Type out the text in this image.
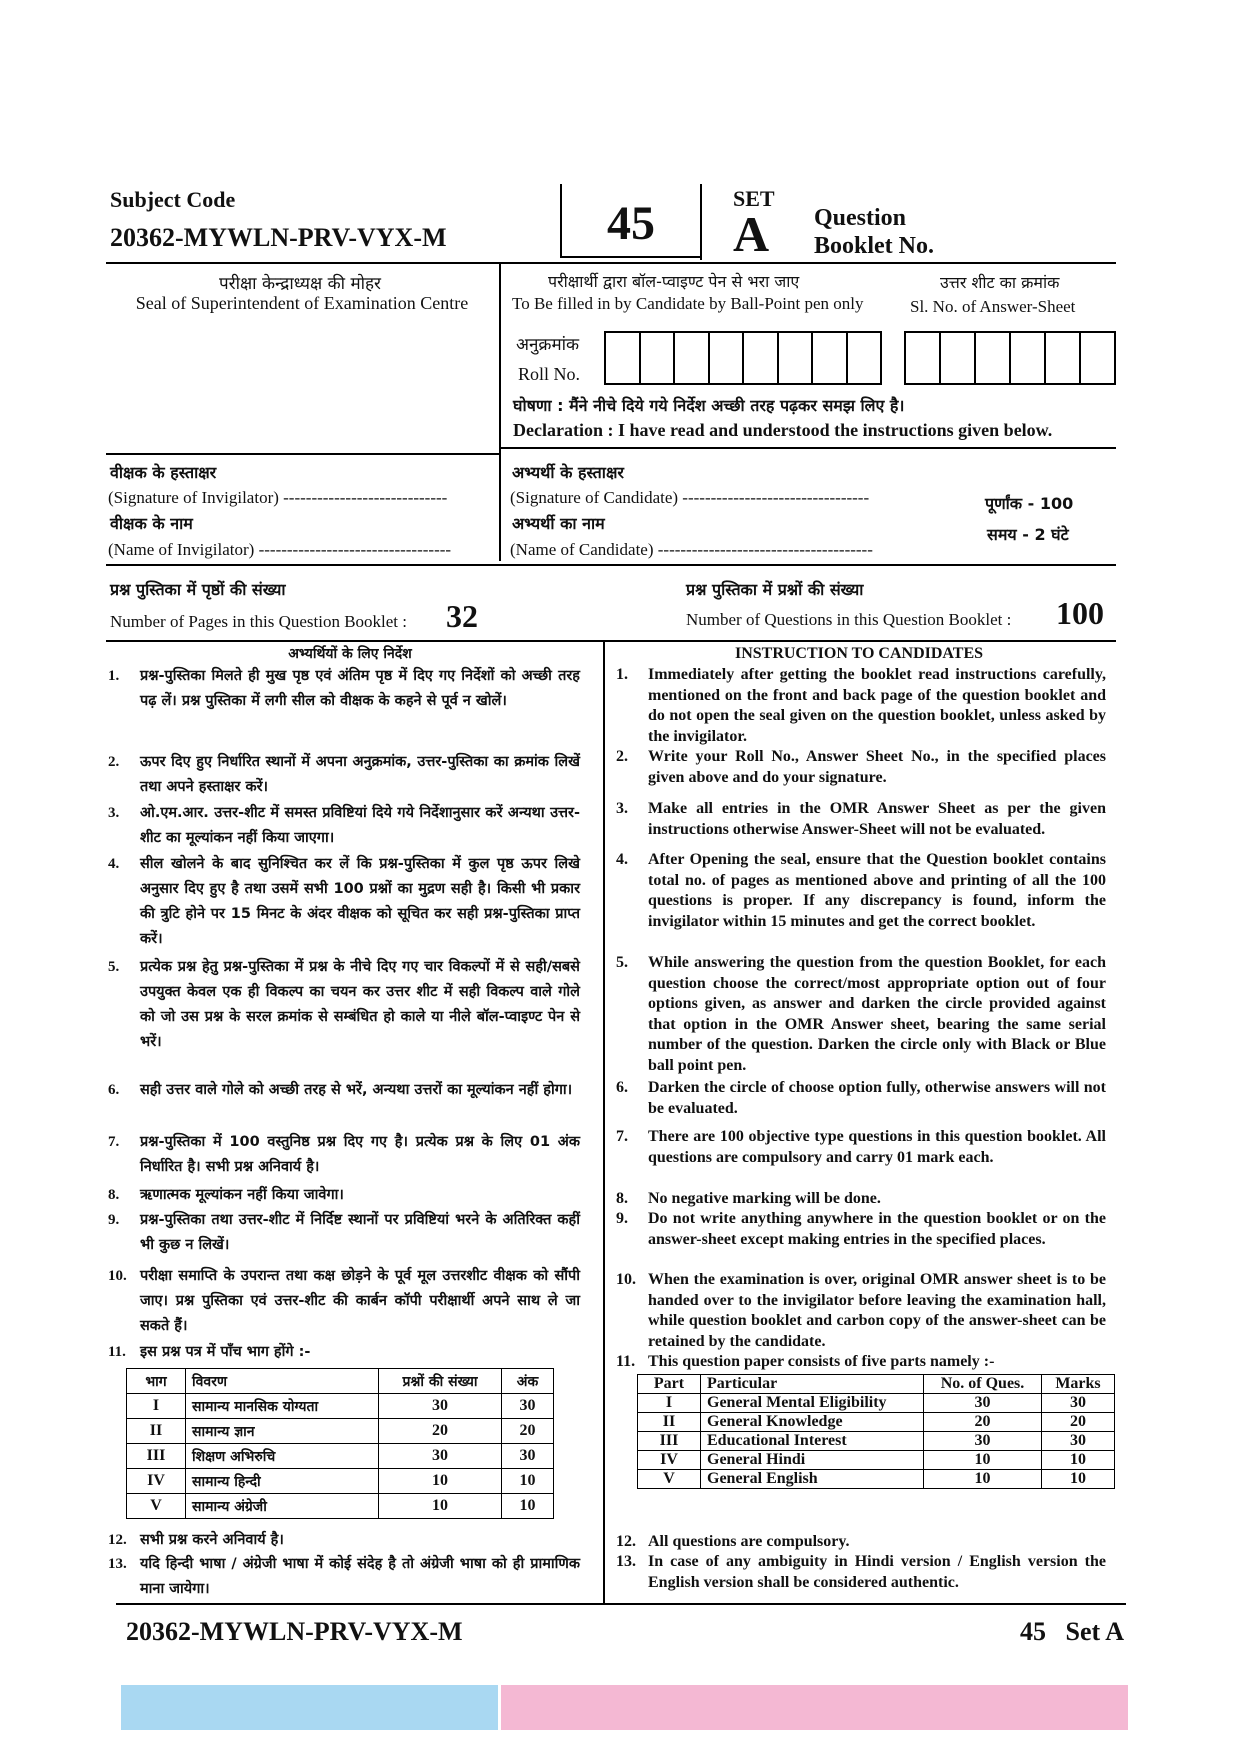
Subject Code
20362-MYWLN-PRV-VYX-M	45	SET
A Question
Booklet No.
परीक्षा केन्द्राध्यक्ष की मोहर
Seal of Superintendent of Examination Centre
परीक्षार्थी द्वारा बॉल-प्वाइण्ट पेन से भरा जाए
To Be filled in by Candidate by Ball-Point pen only
उत्तर शीट का क्रमांक
Sl. No. of Answer-Sheet
अनुक्रमांक
Roll No.
घोषणा : मैंने नीचे दिये गये निर्देश अच्छी तरह पढ़कर समझ लिए है।
Declaration : I have read and understood the instructions given below.
वीक्षक के हस्ताक्षर
(Signature of Invigilator) -----------------------------
वीक्षक के नाम
(Name of Invigilator) ----------------------------------
अभ्यर्थी के हस्ताक्षर
(Signature of Candidate) ---------------------------------
अभ्यर्थी का नाम
(Name of Candidate) --------------------------------------
पूर्णांक - 100
समय - 2 घंटे
प्रश्न पुस्तिका में पृष्ठों की संख्या
Number of Pages in this Question Booklet : 32
प्रश्न पुस्तिका में प्रश्नों की संख्या
Number of Questions in this Question Booklet : 100
अभ्यर्थियों के लिए निर्देश
1. प्रश्न-पुस्तिका मिलते ही मुख पृष्ठ एवं अंतिम पृष्ठ में दिए गए निर्देशों को अच्छी तरह पढ़ लें। प्रश्न पुस्तिका में लगी सील को वीक्षक के कहने से पूर्व न खोलें।
2. ऊपर दिए हुए निर्धारित स्थानों में अपना अनुक्रमांक, उत्तर-पुस्तिका का क्रमांक लिखें तथा अपने हस्ताक्षर करें।
3. ओ.एम.आर. उत्तर-शीट में समस्त प्रविष्टियां दिये गये निर्देशानुसार करें अन्यथा उत्तर-शीट का मूल्यांकन नहीं किया जाएगा।
4. सील खोलने के बाद सुनिश्चित कर लें कि प्रश्न-पुस्तिका में कुल पृष्ठ ऊपर लिखे अनुसार दिए हुए है तथा उसमें सभी 100 प्रश्नों का मुद्रण सही है। किसी भी प्रकार की त्रुटि होने पर 15 मिनट के अंदर वीक्षक को सूचित कर सही प्रश्न-पुस्तिका प्राप्त करें।
5. प्रत्येक प्रश्न हेतु प्रश्न-पुस्तिका में प्रश्न के नीचे दिए गए चार विकल्पों में से सही/सबसे उपयुक्त केवल एक ही विकल्प का चयन कर उत्तर शीट में सही विकल्प वाले गोले को जो उस प्रश्न के सरल क्रमांक से सम्बंधित हो काले या नीले बॉल-प्वाइण्ट पेन से भरें।
6. सही उत्तर वाले गोले को अच्छी तरह से भरें, अन्यथा उत्तरों का मूल्यांकन नहीं होगा।
7. प्रश्न-पुस्तिका में 100 वस्तुनिष्ठ प्रश्न दिए गए है। प्रत्येक प्रश्न के लिए 01 अंक निर्धारित है। सभी प्रश्न अनिवार्य है।
8. ऋणात्मक मूल्यांकन नहीं किया जावेगा।
9. प्रश्न-पुस्तिका तथा उत्तर-शीट में निर्दिष्ट स्थानों पर प्रविष्टियां भरने के अतिरिक्त कहीं भी कुछ न लिखें।
10. परीक्षा समाप्ति के उपरान्त तथा कक्ष छोड़ने के पूर्व मूल उत्तरशीट वीक्षक को सौंपी जाए। प्रश्न पुस्तिका एवं उत्तर-शीट की कार्बन कॉपी परीक्षार्थी अपने साथ ले जा सकते हैं।
11. इस प्रश्न पत्र में पाँच भाग होंगे :-
भाग	विवरण	प्रश्नों की संख्या	अंक
I	सामान्य मानसिक योग्यता	30	30
II	सामान्य ज्ञान	20	20
III	शिक्षण अभिरुचि	30	30
IV	सामान्य हिन्दी	10	10
V	सामान्य अंग्रेजी	10	10
12. सभी प्रश्न करने अनिवार्य है।
13. यदि हिन्दी भाषा / अंग्रेजी भाषा में कोई संदेह है तो अंग्रेजी भाषा को ही प्रामाणिक माना जायेगा।
INSTRUCTION TO CANDIDATES
1. Immediately after getting the booklet read instructions carefully, mentioned on the front and back page of the question booklet and do not open the seal given on the question booklet, unless asked by the invigilator.
2. Write your Roll No., Answer Sheet No., in the specified places given above and do your signature.
3. Make all entries in the OMR Answer Sheet as per the given instructions otherwise Answer-Sheet will not be evaluated.
4. After Opening the seal, ensure that the Question booklet contains total no. of pages as mentioned above and printing of all the 100 questions is proper. If any discrepancy is found, inform the invigilator within 15 minutes and get the correct booklet.
5. While answering the question from the question Booklet, for each question choose the correct/most appropriate option out of four options given, as answer and darken the circle provided against that option in the OMR Answer sheet, bearing the same serial number of the question. Darken the circle only with Black or Blue ball point pen.
6. Darken the circle of choose option fully, otherwise answers will not be evaluated.
7. There are 100 objective type questions in this question booklet. All questions are compulsory and carry 01 mark each.
8. No negative marking will be done.
9. Do not write anything anywhere in the question booklet or on the answer-sheet except making entries in the specified places.
10. When the examination is over, original OMR answer sheet is to be handed over to the invigilator before leaving the examination hall, while question booklet and carbon copy of the answer-sheet can be retained by the candidate.
11. This question paper consists of five parts namely :-
Part	Particular	No. of Ques.	Marks
I	General Mental Eligibility	30	30
II	General Knowledge	20	20
III	Educational Interest	30	30
IV	General Hindi	10	10
V	General English	10	10
12. All questions are compulsory.
13. In case of any ambiguity in Hindi version / English version the English version shall be considered authentic.
20362-MYWLN-PRV-VYX-M	45   Set A
